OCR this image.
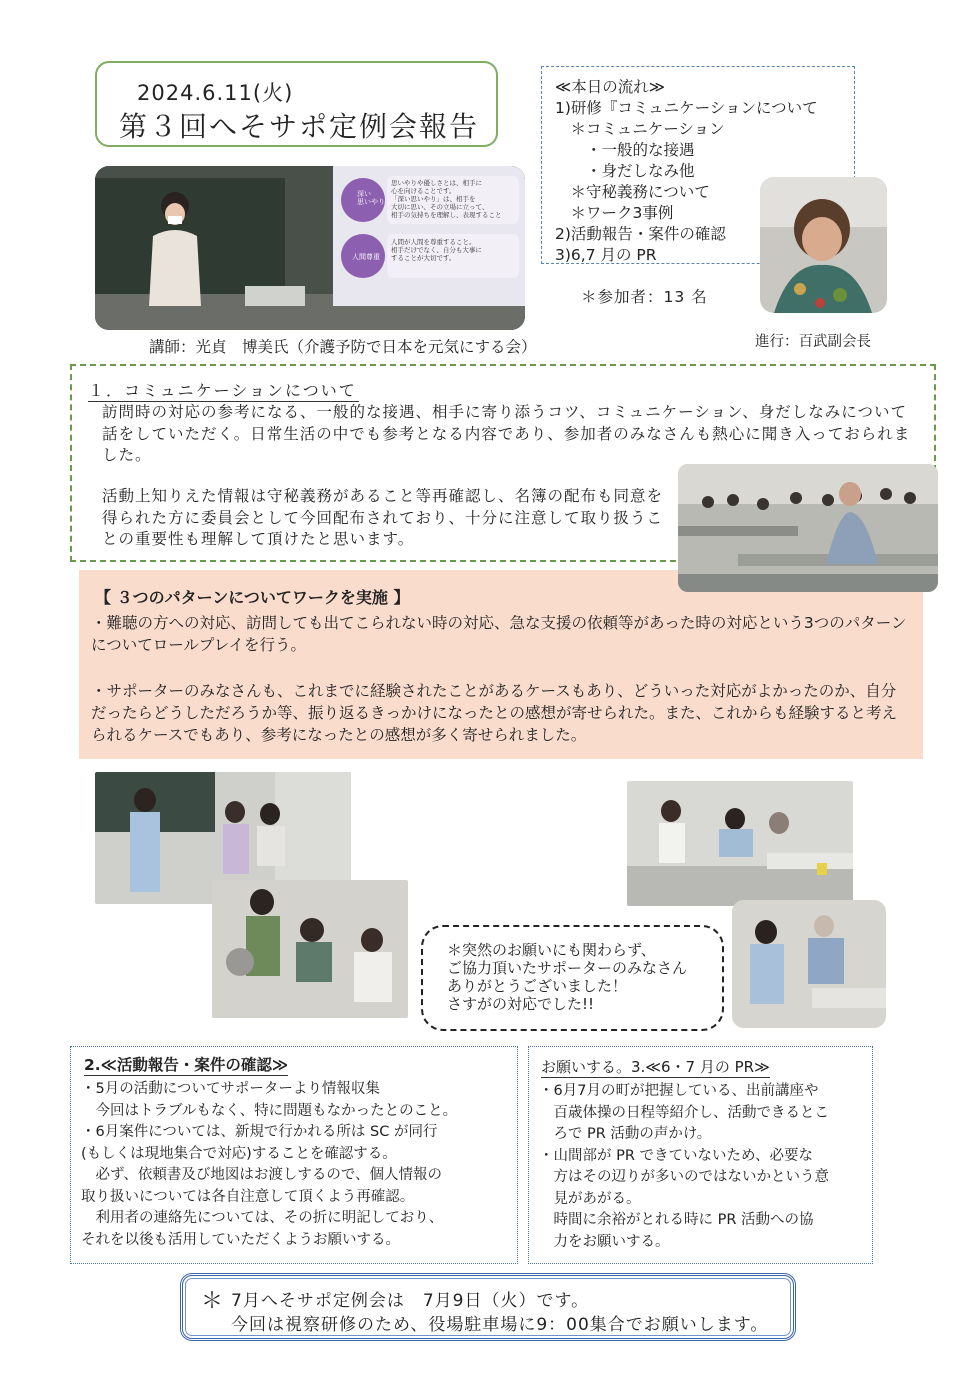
2024.6.11(火)
第３回へそサポ定例会報告
≪本日の流れ≫
1)研修『コミュニケーションについて
　＊コミュニケーション
　　・一般的な接遇
　　・身だしなみ他
　＊守秘義務について
　＊ワーク3事例
2)活動報告・案件の確認
3)6,7 月の PR
＊参加者：13 名
深い
思いやり
思いやりや優しさとは、相手に
心を向けることです。
「深い思いやり」は、相手を
大切に思い、その立場に立って、
相手の気持ちを理解し、表現すること
人間尊重
人間が人間を尊重すること。
相手だけでなく、自分も大事に
することが大切です。
講師：光貞　博美氏（介護予防で日本を元気にする会）	進行：百武副会長
１．コミュニケーションについて
訪問時の対応の参考になる、一般的な接遇、相手に寄り添うコツ、コミュニケーション、身だしなみについて話をしていただく。日常生活の中でも参考となる内容であり、参加者のみなさんも熱心に聞き入っておられました。
活動上知りえた情報は守秘義務があること等再確認し、名簿の配布も同意を得られた方に委員会として今回配布されており、十分に注意して取り扱うことの重要性も理解して頂けたと思います。
【 ３つのパターンについてワークを実施 】
・難聴の方への対応、訪問しても出てこられない時の対応、急な支援の依頼等があった時の対応という3つのパターンについてロールプレイを行う。
・サポーターのみなさんも、これまでに経験されたことがあるケースもあり、どういった対応がよかったのか、自分だったらどうしただろうか等、振り返るきっかけになったとの感想が寄せられた。また、これからも経験すると考えられるケースでもあり、参考になったとの感想が多く寄せられました。
＊突然のお願いにも関わらず、
ご協力頂いたサポーターのみなさん
ありがとうございました！
さすがの対応でした!!
2.≪活動報告・案件の確認≫
・5月の活動についてサポーターより情報収集
　今回はトラブルもなく、特に問題もなかったとのこと。
・6月案件については、新規で行かれる所は SC が同行
(もしくは現地集合で対応)することを確認する。
　必ず、依頼書及び地図はお渡しするので、個人情報の
取り扱いについては各自注意して頂くよう再確認。
　利用者の連絡先については、その折に明記しており、
それを以後も活用していただくようお願いする。
お願いする。3.≪6・7 月の PR≫
・6月7月の町が把握している、出前講座や
　百歳体操の日程等紹介し、活動できるとこ
　ろで PR 活動の声かけ。
・山間部が PR できていないため、必要な
　方はその辺りが多いのではないかという意
　見があがる。
　時間に余裕がとれる時に PR 活動への協
　力をお願いする。
＊ 7月へそサポ定例会は　7月9日（火）です。
今回は視察研修のため、役場駐車場に9：00集合でお願いします。
